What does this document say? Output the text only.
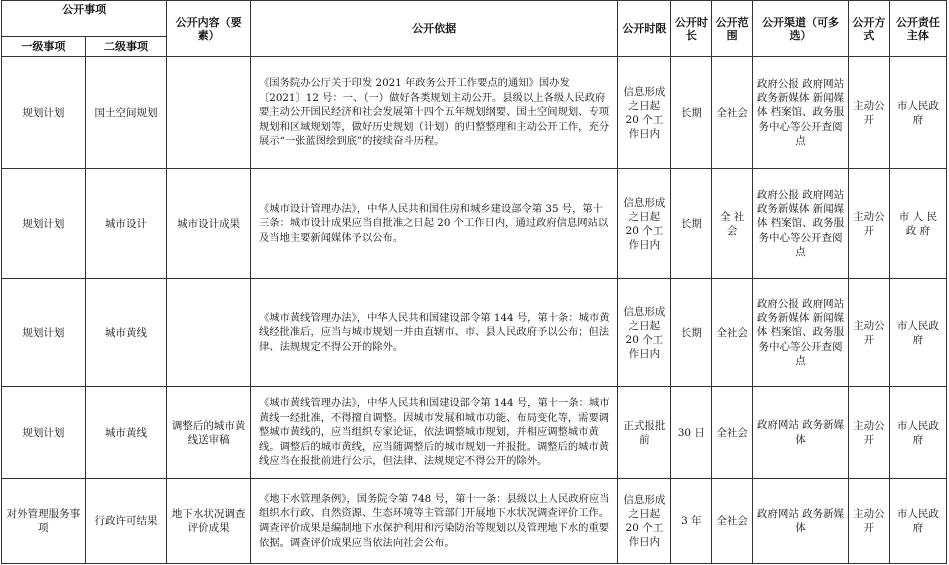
公开事项		公开内容（要素）	公开依据	公开时限	公开时长	公开范围	公开渠道（可多选）	公开方式	公开责任主体
一级事项	二级事项								
规划计划	国土空间规划		《国务院办公厅关于印发 2021 年政务公开工作要点的通知》国办发〔2021〕12 号：一、（一）做好各类规划主动公开。县级以上各级人民政府要主动公开国民经济和社会发展第十四个五年规划纲要、国土空间规划、专项规划和区域规划等，做好历史规划（计划）的归整整理和主动公开工作，充分展示“一张蓝图绘到底”的接续奋斗历程。	信息形成之日起 20 个工作日内	长期	全社会	政府公报 政府网站 政务新媒体 新闻媒体 档案馆、政务服务中心等公开查阅点	主动公开	市人民政府
规划计划	城市设计	城市设计成果	《城市设计管理办法》，中华人民共和国住房和城乡建设部令第 35 号，第十三条：城市设计成果应当自批准之日起 20 个工作日内，通过政府信息网站以及当地主要新闻媒体予以公布。	信息形成之日起 20 个工作日内	长期	全 社 会	政府公报 政府网站 政务新媒体 新闻媒体 档案馆、政务服务中心等公开查阅点	主动公开	市 人 民 政 府
规划计划	城市黄线		《城市黄线管理办法》，中华人民共和国建设部令第 144 号，第十条：城市黄线经批准后，应当与城市规划一并由直辖市、市、县人民政府予以公布；但法律、法规规定不得公开的除外。	信息形成之日起 20 个工作日内	长期	全社会	政府公报 政府网站 政务新媒体 新闻媒体 档案馆、政务服务中心等公开查阅点	主动公开	市人民政府
规划计划	城市黄线	调整后的城市黄线送审稿	《城市黄线管理办法》，中华人民共和国建设部令第 144 号，第十一条：城市黄线一经批准，不得擅自调整。因城市发展和城市功能、布局变化等，需要调整城市黄线的，应当组织专家论证，依法调整城市规划，并相应调整城市黄线。调整后的城市黄线，应当随调整后的城市规划一并报批。调整后的城市黄线应当在报批前进行公示，但法律、法规规定不得公开的除外。	正式报批前	30 日	全社会	政府网站 政务新媒体	主动公开	市人民政府
对外管理服务事项	行政许可结果	地下水状况调查评价成果	《地下水管理条例》，国务院令第 748 号，第十一条：县级以上人民政府应当组织水行政、自然资源、生态环境等主管部门开展地下水状况调查评价工作。调查评价成果是编制地下水保护利用和污染防治等规划以及管理地下水的重要依据。调查评价成果应当依法向社会公布。	信息形成之日起 20 个工作日内	3 年	全社会	政府网站 政务新媒体	主动公开	市人民政府
